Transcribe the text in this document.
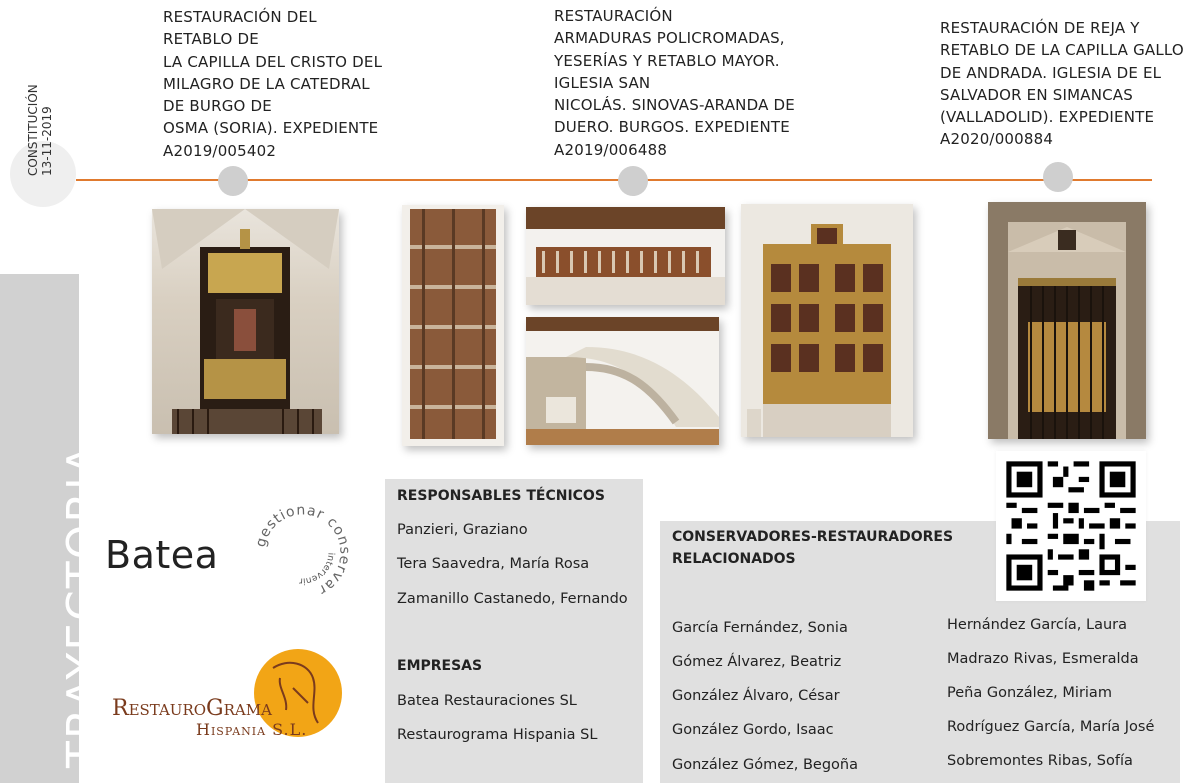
CONSTITUCIÓN 13-11-2019
RESTAURACIÓN DEL
RETABLO DE
LA CAPILLA DEL CRISTO DEL
MILAGRO DE LA CATEDRAL
DE BURGO DE
OSMA (SORIA). EXPEDIENTE
A2019/005402
RESTAURACIÓN
ARMADURAS POLICROMADAS,
YESERÍAS Y RETABLO MAYOR.
IGLESIA SAN
NICOLÁS. SINOVAS-ARANDA DE
DUERO. BURGOS. EXPEDIENTE
A2019/006488
RESTAURACIÓN DE REJA Y
RETABLO DE LA CAPILLA GALLO
DE ANDRADA. IGLESIA DE EL
SALVADOR EN SIMANCAS
(VALLADOLID). EXPEDIENTE
A2020/000884
TRAYECTORIA
Batea
estionar co rvar
intervenir
RestauroGrama
Hispania S.L.
RESPONSABLES TÉCNICOS
Panzieri, Graziano
Tera Saavedra, María Rosa
Zamanillo Castanedo, Fernando
EMPRESAS
Batea Restauraciones SL
Restaurograma Hispania SL
CONSERVADORES-RESTAURADORES
RELACIONADOS
García Fernández, Sonia
Gómez Álvarez, Beatriz
González Álvaro, César
González Gordo, Isaac
González Gómez, Begoña
Hernández García, Laura
Madrazo Rivas, Esmeralda
Peña González, Miriam
Rodríguez García, María José
Sobremontes Ribas, Sofía
